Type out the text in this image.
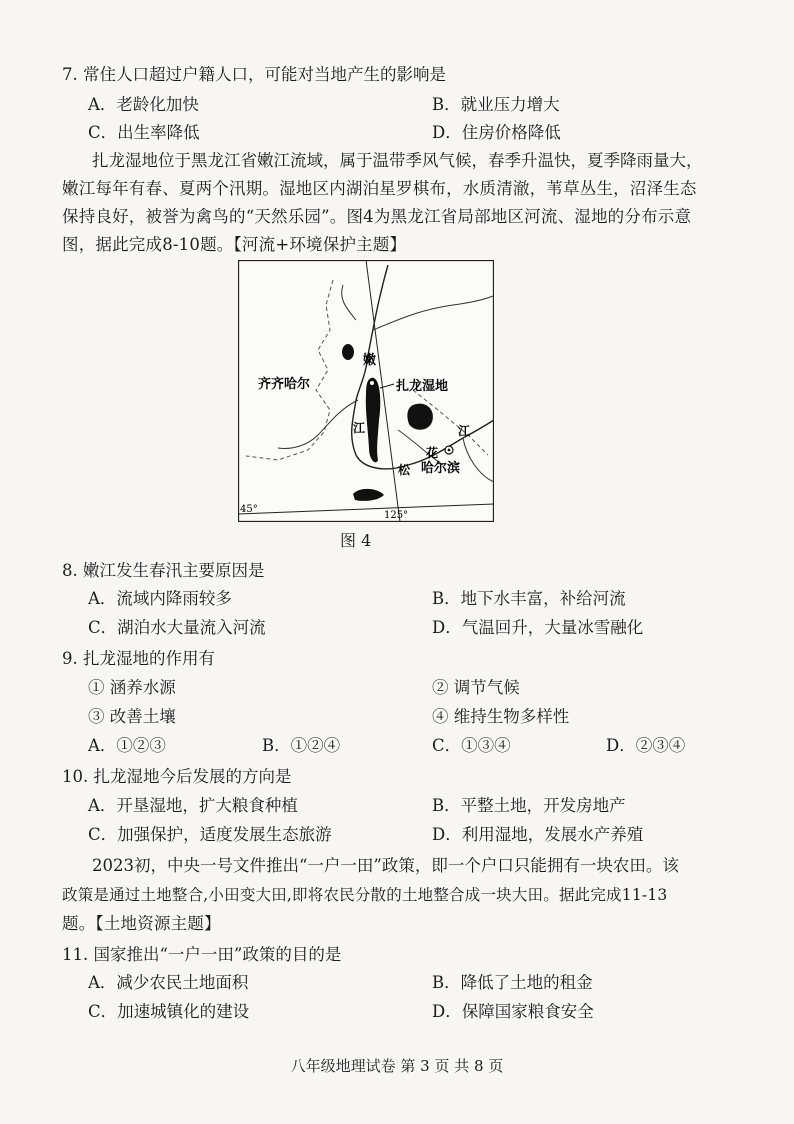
7. 常住人口超过户籍人口，可能对当地产生的影响是
A．老龄化加快	B．就业压力增大
C．出生率降低	D．住房价格降低
扎龙湿地位于黑龙江省嫩江流域，属于温带季风气候，春季升温快，夏季降雨量大，
嫩江每年有春、夏两个汛期。湿地区内湖泊星罗棋布，水质清澈，苇草丛生，沼泽生态
保持良好，被誉为禽鸟的“天然乐园”。图4为黑龙江省局部地区河流、湿地的分布示意
图，据此完成8-10题。【河流+环境保护主题】
嫩
齐齐哈尔	扎龙湿地
江	江
花
松 哈尔滨
45°
125°
图 4
8. 嫩江发生春汛主要原因是
A．流域内降雨较多	B．地下水丰富，补给河流
C．湖泊水大量流入河流	D．气温回升，大量冰雪融化
9. 扎龙湿地的作用有
① 涵养水源	② 调节气候
③ 改善土壤	④ 维持生物多样性
A．①②③	B．①②④	C．①③④	D．②③④
10. 扎龙湿地今后发展的方向是
A．开垦湿地，扩大粮食种植	B．平整土地，开发房地产
C．加强保护，适度发展生态旅游	D．利用湿地，发展水产养殖
2023初，中央一号文件推出“一户一田”政策，即一个户口只能拥有一块农田。该
政策是通过土地整合,小田变大田,即将农民分散的土地整合成一块大田。据此完成11-13
题。【土地资源主题】
11. 国家推出“一户一田”政策的目的是
A．减少农民土地面积	B．降低了土地的租金
C．加速城镇化的建设	D．保障国家粮食安全
八年级地理试卷 第 3 页 共 8 页
